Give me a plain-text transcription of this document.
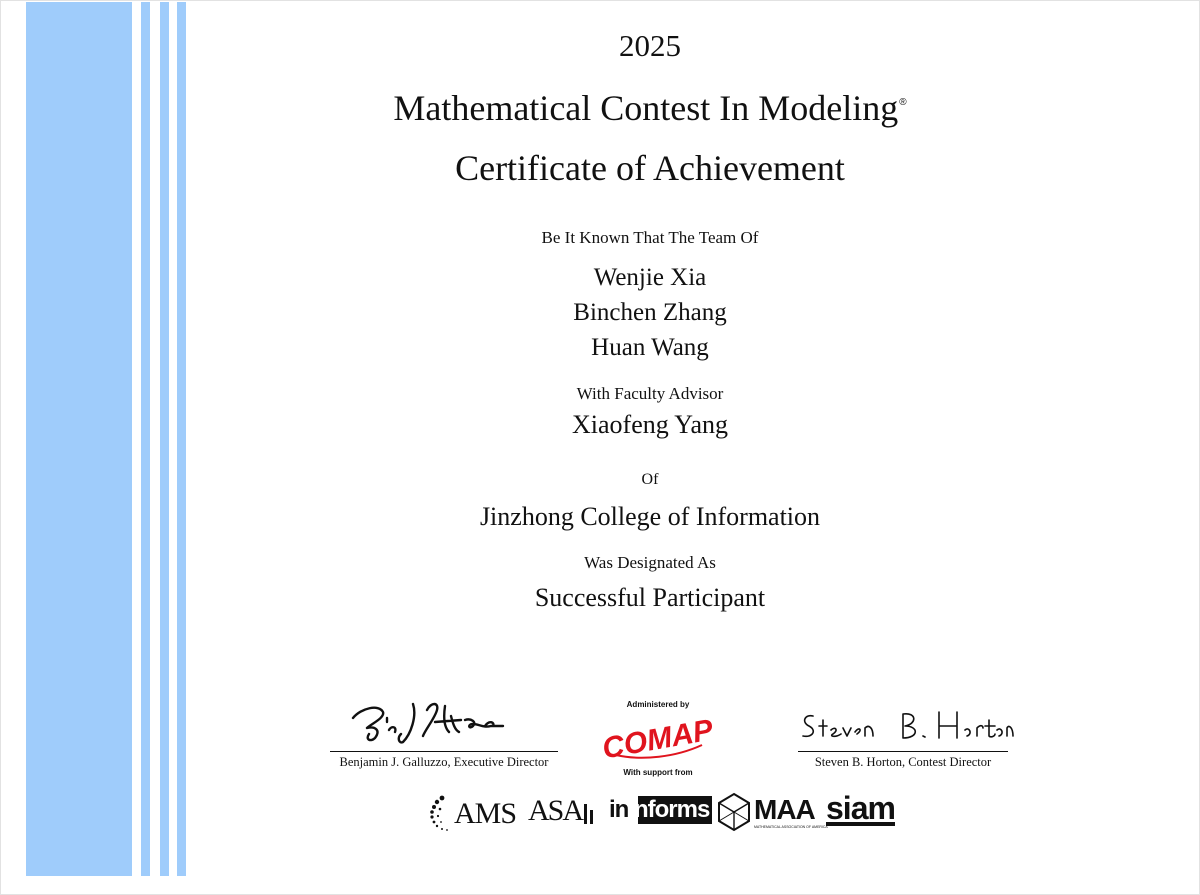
2025
Mathematical Contest In Modeling®
Certificate of Achievement
Be It Known That The Team Of
Wenjie Xia
Binchen Zhang
Huan Wang
With Faculty Advisor
Xiaofeng Yang
Of
Jinzhong College of Information
Was Designated As
Successful Participant
Benjamin J. Galluzzo, Executive Director
Administered by
COMAP
With support from
Steven B. Horton, Contest Director
AMS ASA ininforms MAA
MATHEMATICAL ASSOCIATION OF AMERICA
siam
